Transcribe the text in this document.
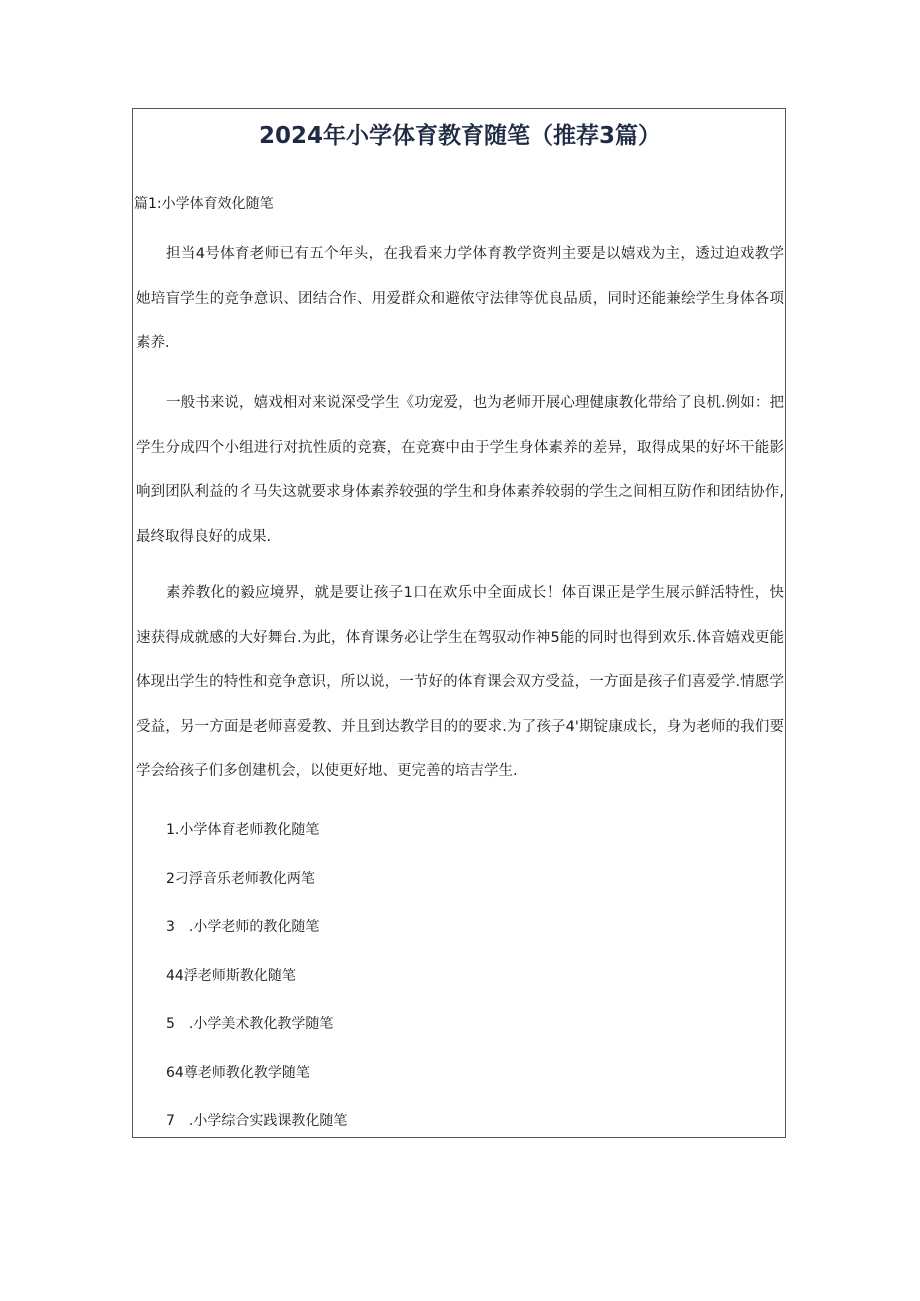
2024年小学体育教育随笔（推荐3篇）

篇1:小学体育效化随笔

担当4号体育老师已有五个年头，在我看来力学体育教学资判主要是以嬉戏为主，透过迫戏教学她培盲学生的竞争意识、团结合作、用爱群众和避侬守法律等优良品质，同时还能兼绘学生身体各项素养.

一般书来说，嬉戏相对来说深受学生《功宠爱，也为老师开展心理健康教化带给了良机.例如：把学生分成四个小组进行对抗性质的竞赛，在竞赛中由于学生身体素养的差异，取得成果的好坏干能影响到团队利益的彳马失这就要求身体素养较强的学生和身体素养较弱的学生之间相互防作和团结协作,最终取得良好的成果.

素养教化的毅应境界，就是要让孩子1口在欢乐中全面成长！体百课正是学生展示鲜活特性，快速获得成就感的大好舞台.为此，体育课务必让学生在驾驭动作神5能的同时也得到欢乐.体音嬉戏更能体现出学生的特性和竞争意识，所以说，一节好的体育课会双方受益，一方面是孩子们喜爱学.情愿学受益，另一方面是老师喜爱教、并且到达教学目的的要求.为了孩子4'期锭康成长，身为老师的我们要学会给孩子们多创建机会，以使更好地、更完善的培吉学生.

1.小学体育老师教化随笔
2刁浮音乐老师教化两笔
3　.小学老师的教化随笔
44浮老师斯教化随笔
5　.小学美术教化教学随笔
64尊老师教化教学随笔
7　.小学综合实践课教化随笔
